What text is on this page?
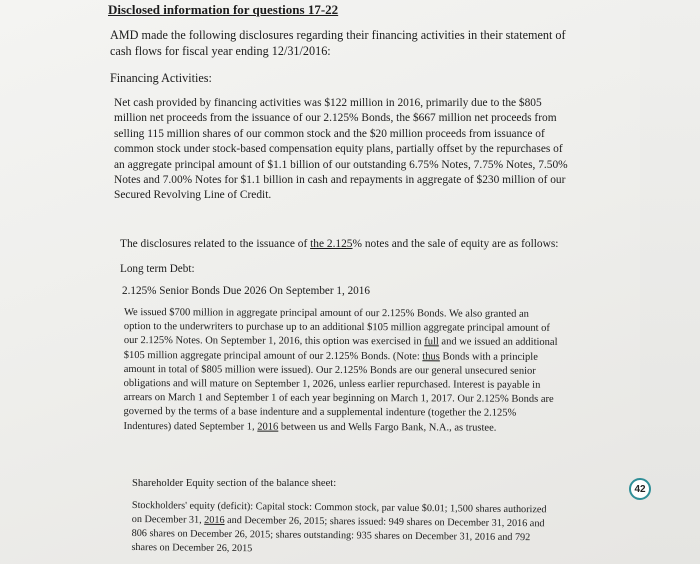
Disclosed information for questions 17-22

AMD made the following disclosures regarding their financing activities in their statement of cash flows for fiscal year ending 12/31/2016:

Financing Activities:

Net cash provided by financing activities was $122 million in 2016, primarily due to the $805 million net proceeds from the issuance of our 2.125% Bonds, the $667 million net proceeds from selling 115 million shares of our common stock and the $20 million proceeds from issuance of common stock under stock-based compensation equity plans, partially offset by the repurchases of an aggregate principal amount of $1.1 billion of our outstanding 6.75% Notes, 7.75% Notes, 7.50% Notes and 7.00% Notes for $1.1 billion in cash and repayments in aggregate of $230 million of our Secured Revolving Line of Credit.

The disclosures related to the issuance of the 2.125% notes and the sale of equity are as follows:

Long term Debt:

2.125% Senior Bonds Due 2026 On September 1, 2016

We issued $700 million in aggregate principal amount of our 2.125% Bonds. We also granted an option to the underwriters to purchase up to an additional $105 million aggregate principal amount of our 2.125% Notes. On September 1, 2016, this option was exercised in full and we issued an additional $105 million aggregate principal amount of our 2.125% Bonds. (Note: thus Bonds with a principle amount in total of $805 million were issued). Our 2.125% Bonds are our general unsecured senior obligations and will mature on September 1, 2026, unless earlier repurchased. Interest is payable in arrears on March 1 and September 1 of each year beginning on March 1, 2017. Our 2.125% Bonds are governed by the terms of a base indenture and a supplemental indenture (together the 2.125% Indentures) dated September 1, 2016 between us and Wells Fargo Bank, N.A., as trustee.

Shareholder Equity section of the balance sheet:

Stockholders' equity (deficit): Capital stock: Common stock, par value $0.01; 1,500 shares authorized on December 31, 2016 and December 26, 2015; shares issued: 949 shares on December 31, 2016 and 806 shares on December 26, 2015; shares outstanding: 935 shares on December 31, 2016 and 792 shares on December 26, 2015

42
